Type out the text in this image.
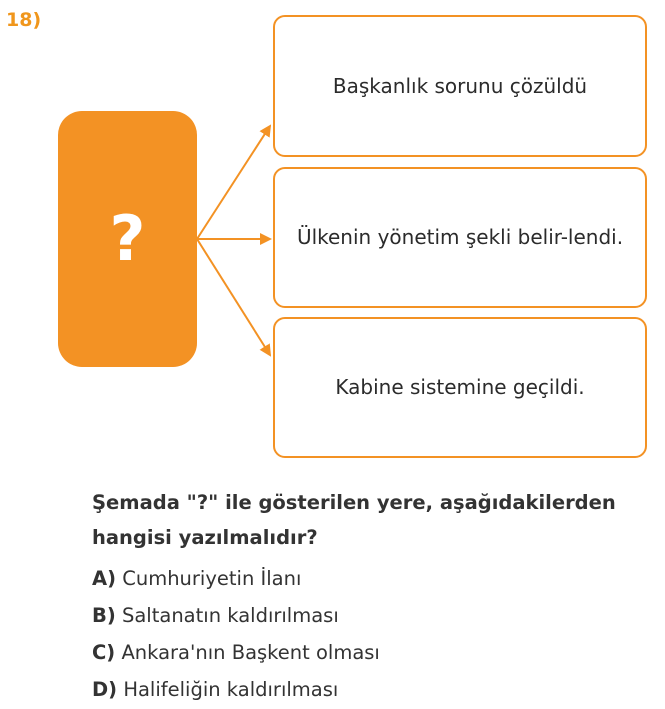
18)
?
Başkanlık sorunu çözüldü
Ülkenin yönetim şekli belir-lendi.
Kabine sistemine geçildi.
Şemada "?" ile gösterilen yere, aşağıdakilerden hangisi yazılmalıdır?
A) Cumhuriyetin İlanı
B) Saltanatın kaldırılması
C) Ankara'nın Başkent olması
D) Halifeliğin kaldırılması
